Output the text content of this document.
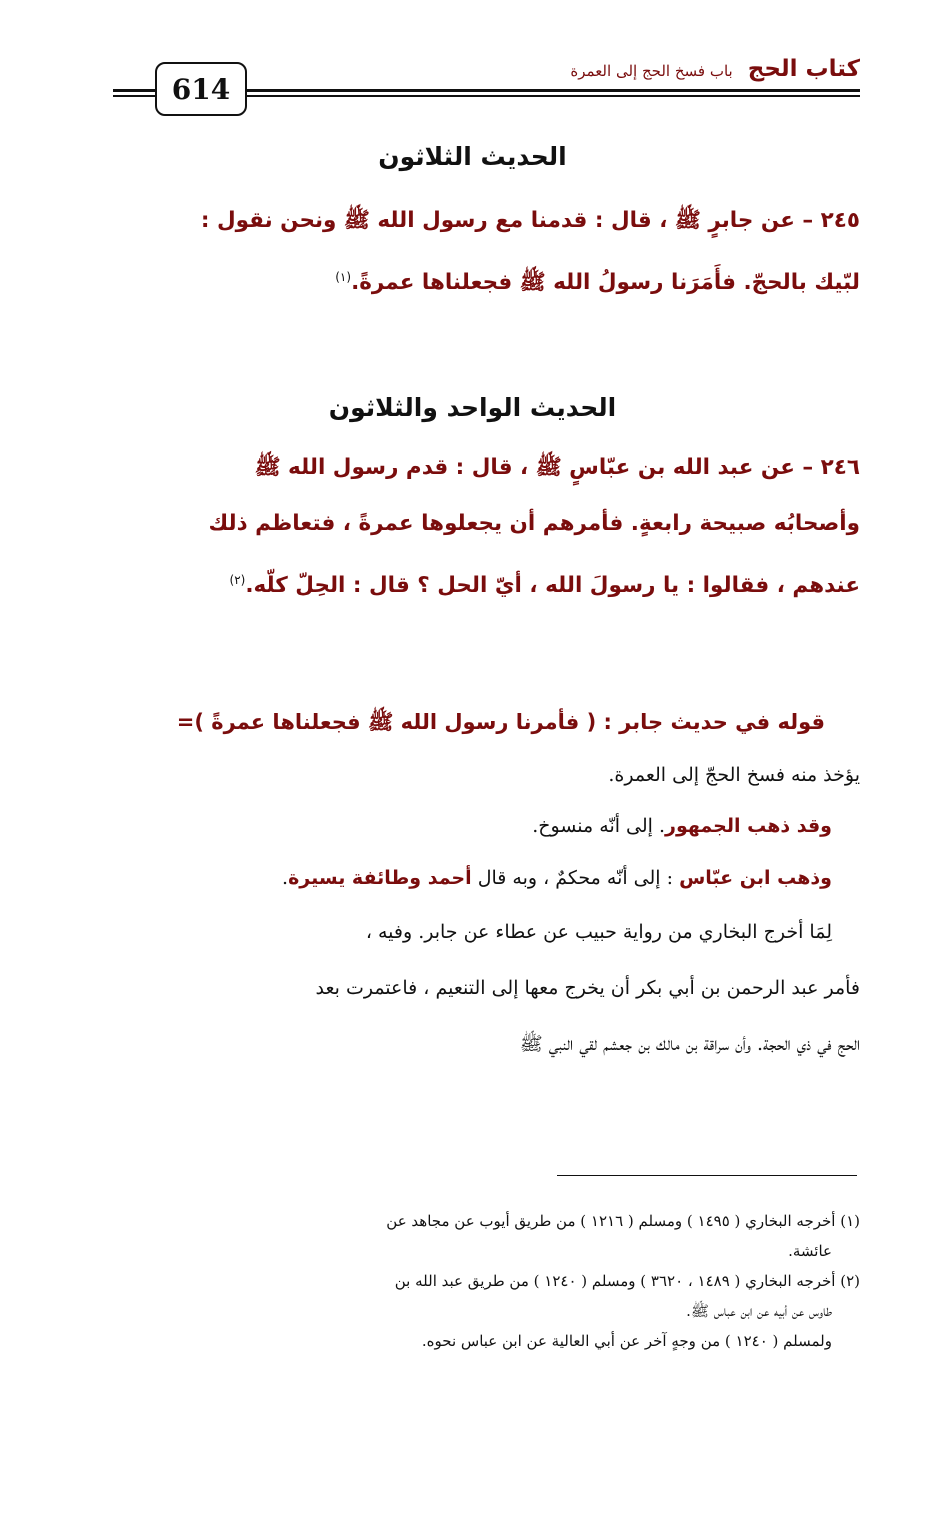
614
كتاب الحج باب فسخ الحج إلى العمرة
الحديث الثلاثون
٢٤٥ – عن جابرٍ ﷺ ، قال : قدمنا مع رسول الله ﷺ ونحن نقول :
لبّيك بالحجّ. فأَمَرَنا رسولُ الله ﷺ فجعلناها عمرةً.$^{(١)}$
الحديث الواحد والثلاثون
٢٤٦ – عن عبد الله بن عبّاسٍ ﷺ ، قال : قدم رسول الله ﷺ
وأصحابُه صبيحة رابعةٍ. فأمرهم أن يجعلوها عمرةً ، فتعاظم ذلك
عندهم ، فقالوا : يا رسولَ الله ، أيّ الحل ؟ قال : الحِلّ كلّه.$^{(٢)}$
قوله في حديث جابر : ( فأمرنا رسول الله ﷺ فجعلناها عمرةً )=
يؤخذ منه فسخ الحجّ إلى العمرة.
وقد ذهب الجمهور. إلى أنّه منسوخ.
وذهب ابن عبّاس : إلى أنّه محكمٌ ، وبه قال أحمد وطائفة يسيرة.
لِمَا أخرج البخاري من رواية حبيب عن عطاء عن جابر. وفيه ،
فأمر عبد الرحمن بن أبي بكر أن يخرج معها إلى التنعيم ، فاعتمرت بعد
الحج في ذي الحجة. وأن سراقة بن مالك بن جعشم لقي النبي ﷺ
(١) أخرجه البخاري ( ١٤٩٥ ) ومسلم ( ١٢١٦ ) من طريق أيوب عن مجاهد عن
عائشة.
(٢) أخرجه البخاري ( ١٤٨٩ ، ٣٦٢٠ ) ومسلم ( ١٢٤٠ ) من طريق عبد الله بن
طاوس عن أبيه عن ابن عباس ﷺ.
ولمسلم ( ١٢٤٠ ) من وجهٍ آخر عن أبي العالية عن ابن عباس نحوه.
